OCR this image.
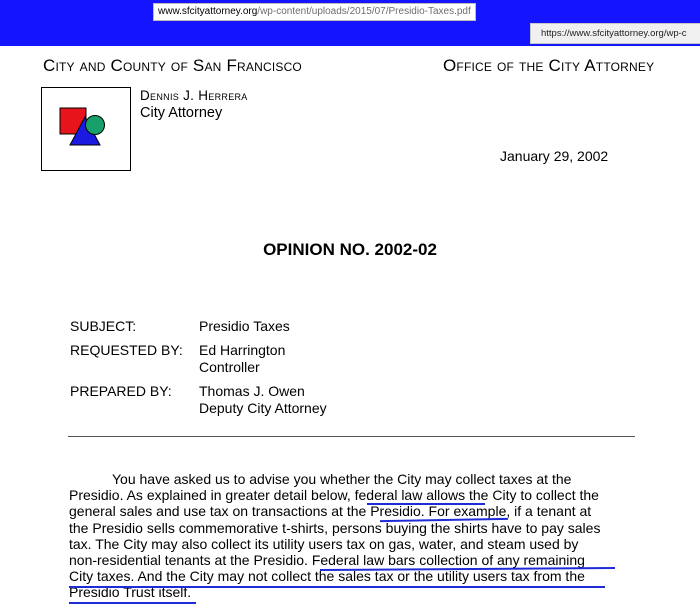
www.sfcityattorney.org/wp-content/uploads/2015/07/Presidio-Taxes.pdf
https://www.sfcityattorney.org/wp-c
City and County of San Francisco	Office of the City Attorney
Dennis J. Herrera
City Attorney
January 29, 2002
OPINION NO. 2002-02
SUBJECT:	Presidio Taxes
REQUESTED BY: Ed Harrington
Controller
PREPARED BY: Thomas J. Owen
Deputy City Attorney
You have asked us to advise you whether the City may collect taxes at the
Presidio. As explained in greater detail below, federal law allows the City to collect the
general sales and use tax on transactions at the Presidio. For example, if a tenant at
the Presidio sells commemorative t-shirts, persons buying the shirts have to pay sales
tax. The City may also collect its utility users tax on gas, water, and steam used by
non-residential tenants at the Presidio. Federal law bars collection of any remaining
City taxes. And the City may not collect the sales tax or the utility users tax from the
Presidio Trust itself.
